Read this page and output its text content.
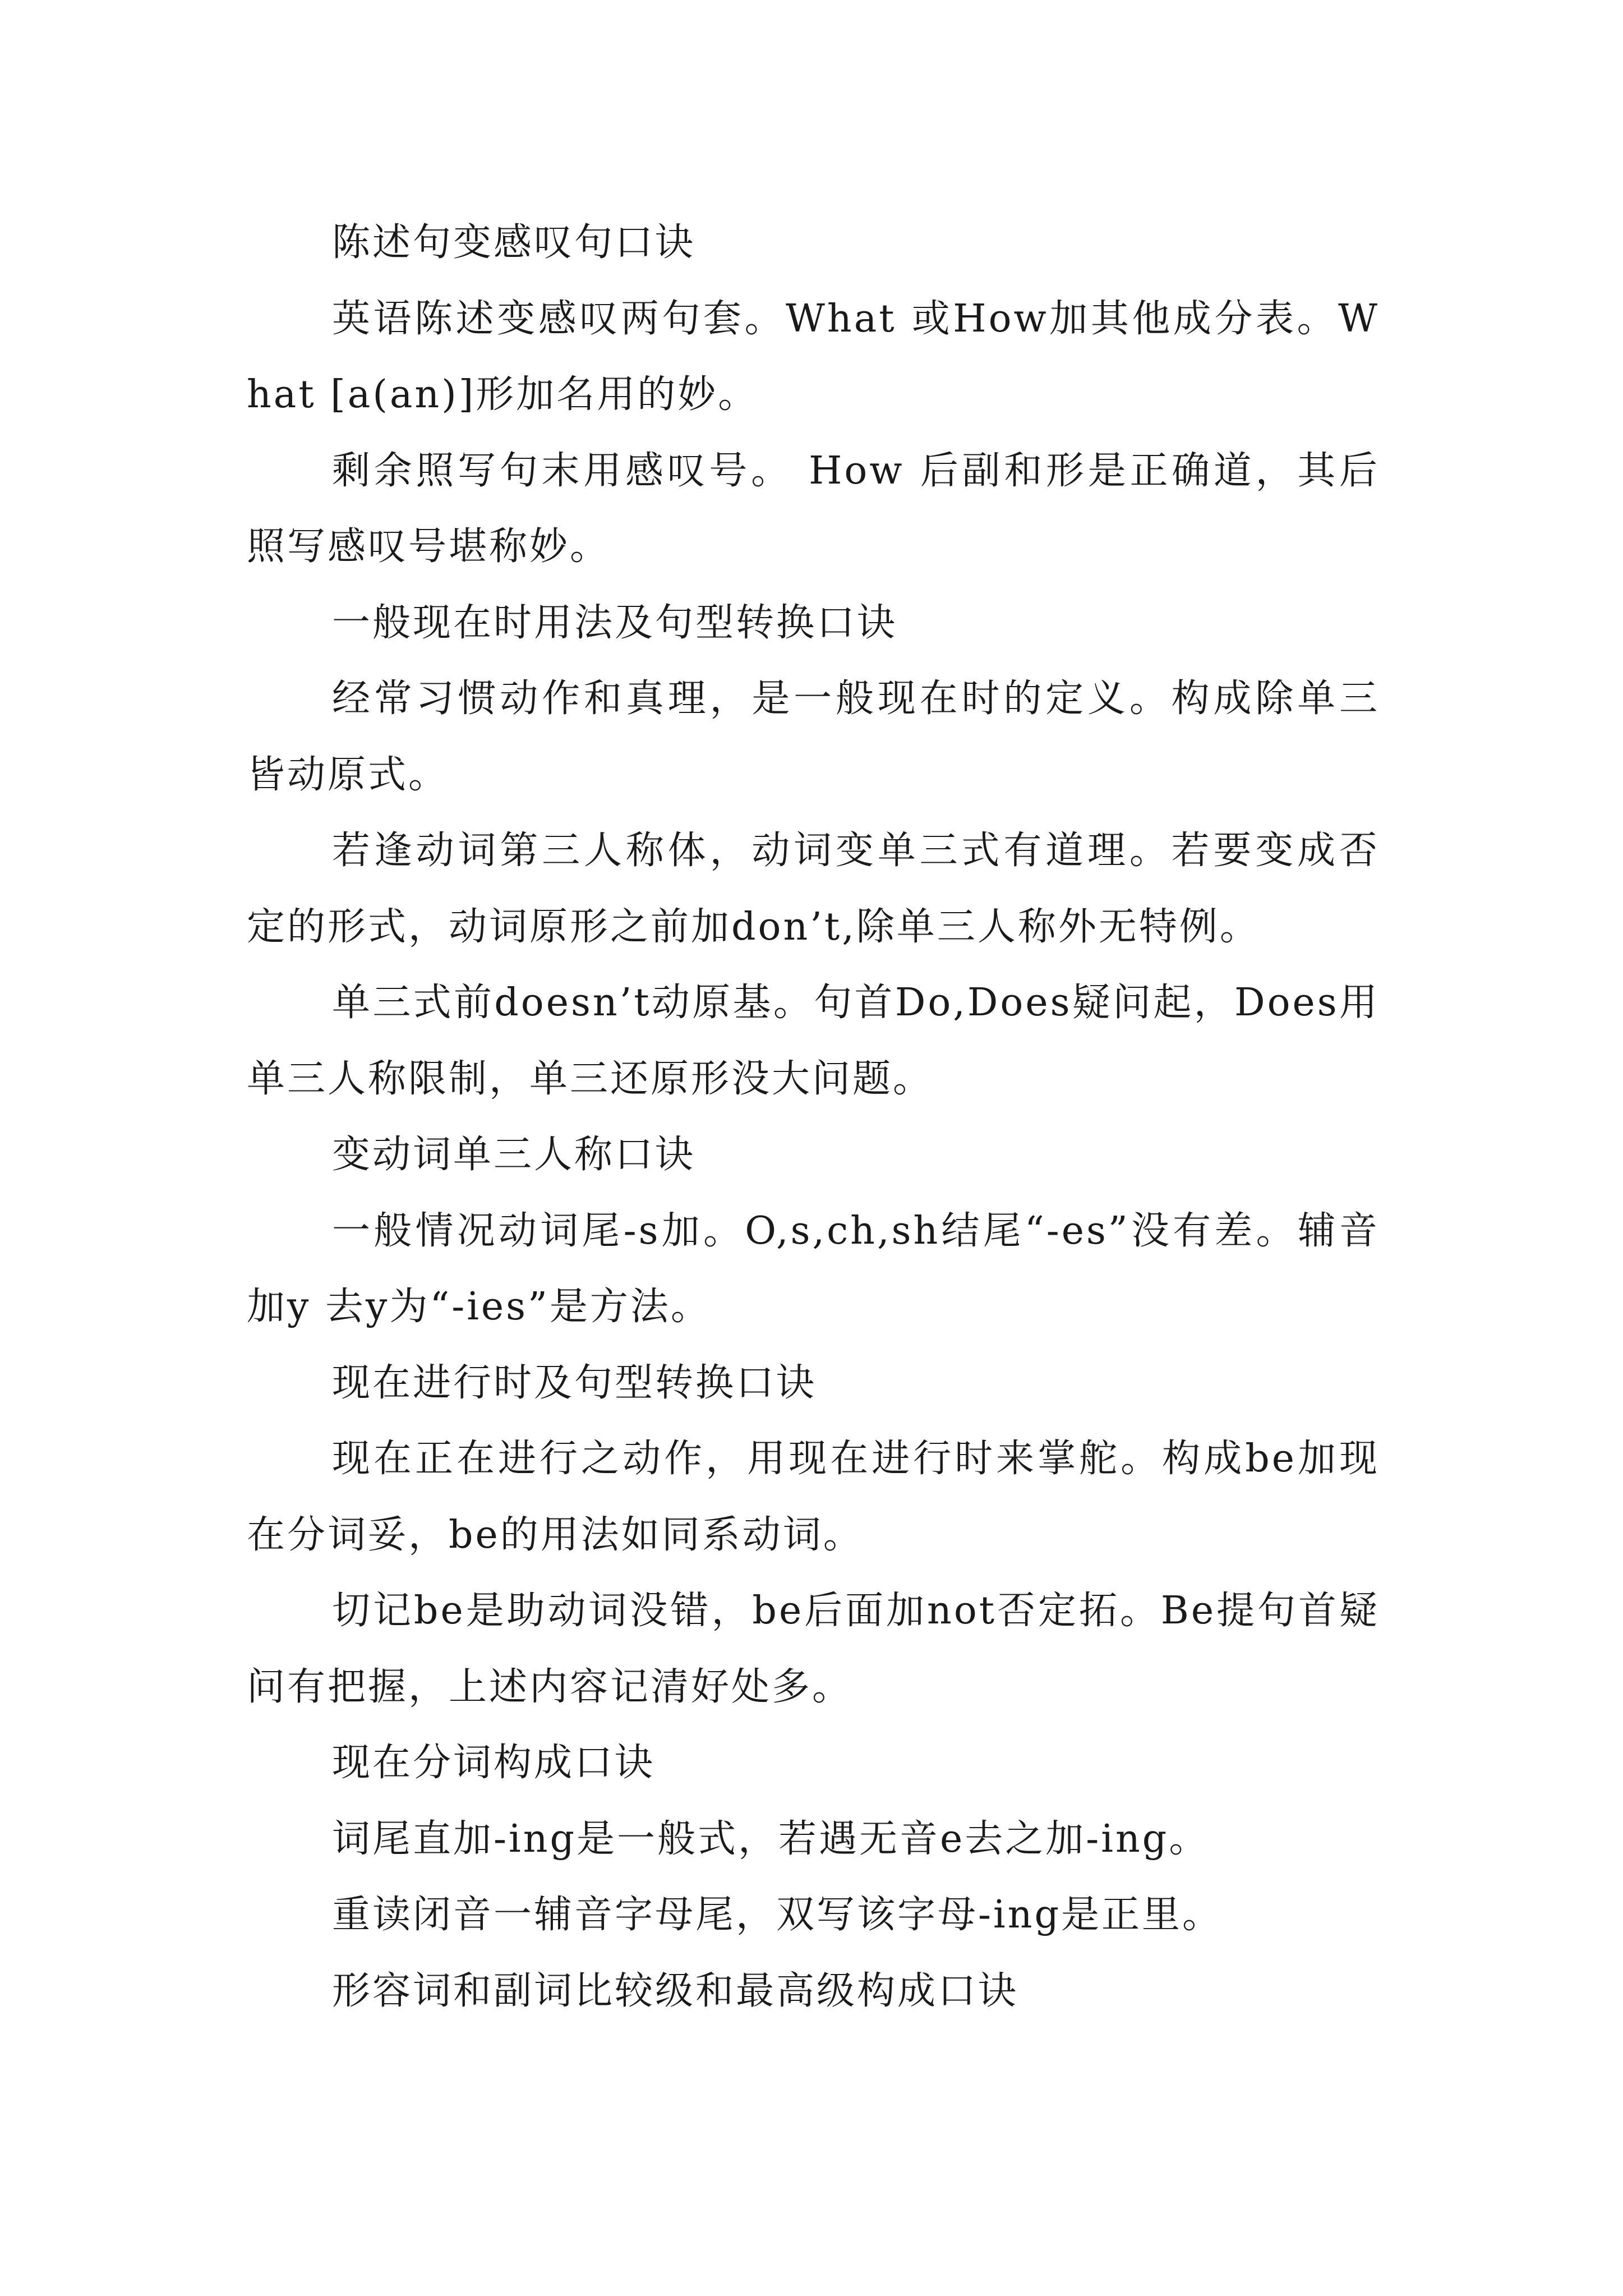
陈述句变感叹句口诀

英语陈述变感叹两句套。What 或How加其他成分表。What [a(an)]形加名用的妙。

剩余照写句末用感叹号。 How 后副和形是正确道，其后照写感叹号堪称妙。

一般现在时用法及句型转换口诀

经常习惯动作和真理，是一般现在时的定义。构成除单三皆动原式。

若逢动词第三人称体，动词变单三式有道理。若要变成否定的形式，动词原形之前加don’t,除单三人称外无特例。

单三式前doesn’t动原基。句首Do,Does疑问起，Does用单三人称限制，单三还原形没大问题。

变动词单三人称口诀

一般情况动词尾-s加。O,s,ch,sh结尾“-es”没有差。辅音加y 去y为“-ies”是方法。

现在进行时及句型转换口诀

现在正在进行之动作，用现在进行时来掌舵。构成be加现在分词妥，be的用法如同系动词。

切记be是助动词没错，be后面加not否定拓。Be提句首疑问有把握，上述内容记清好处多。

现在分词构成口诀

词尾直加-ing是一般式，若遇无音e去之加-ing。

重读闭音一辅音字母尾，双写该字母-ing是正里。

形容词和副词比较级和最高级构成口诀
